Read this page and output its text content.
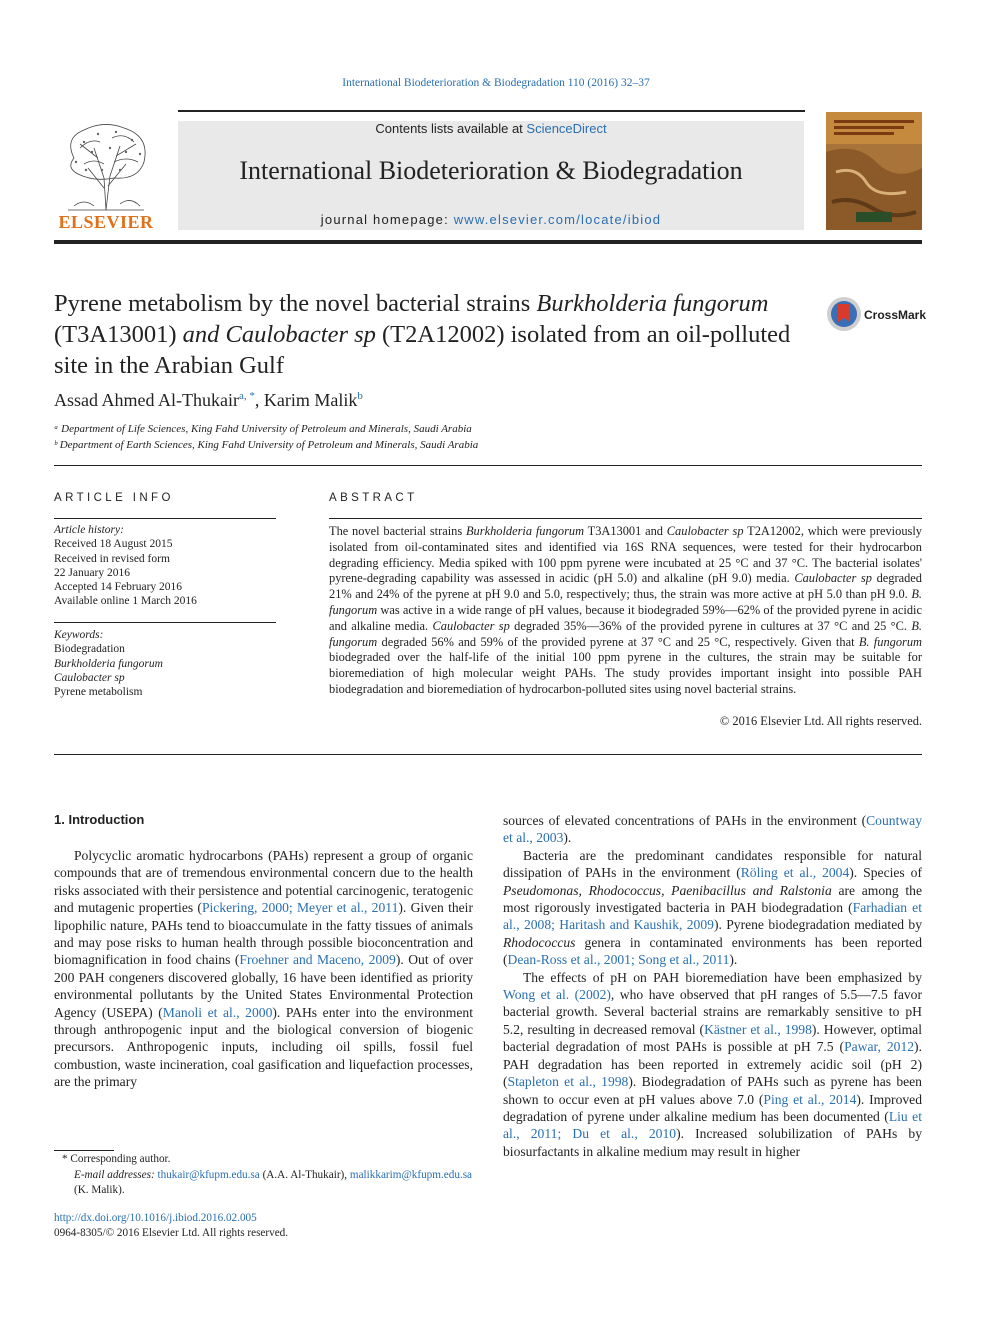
International Biodeterioration & Biodegradation 110 (2016) 32–37
ELSEVIER
Contents lists available at ScienceDirect
International Biodeterioration & Biodegradation
journal homepage: www.elsevier.com/locate/ibiod
Pyrene metabolism by the novel bacterial strains Burkholderia fungorum (T3A13001) and Caulobacter sp (T2A12002) isolated from an oil-polluted site in the Arabian Gulf
CrossMark
Assad Ahmed Al-Thukair$^{a, *}$, Karim Malik$^b$
ᵃ Department of Life Sciences, King Fahd University of Petroleum and Minerals, Saudi Arabia
ᵇ Department of Earth Sciences, King Fahd University of Petroleum and Minerals, Saudi Arabia
ARTICLE INFO
Article history:
Received 18 August 2015
Received in revised form
22 January 2016
Accepted 14 February 2016
Available online 1 March 2016
Keywords:
Biodegradation
Burkholderia fungorum
Caulobacter sp
Pyrene metabolism
ABSTRACT
The novel bacterial strains Burkholderia fungorum T3A13001 and Caulobacter sp T2A12002, which were previously isolated from oil-contaminated sites and identified via 16S RNA sequences, were tested for their hydrocarbon degrading efficiency. Media spiked with 100 ppm pyrene were incubated at 25 °C and 37 °C. The bacterial isolates' pyrene-degrading capability was assessed in acidic (pH 5.0) and alkaline (pH 9.0) media. Caulobacter sp degraded 21% and 24% of the pyrene at pH 9.0 and 5.0, respectively; thus, the strain was more active at pH 5.0 than pH 9.0. B. fungorum was active in a wide range of pH values, because it biodegraded 59%—62% of the provided pyrene in acidic and alkaline media. Caulobacter sp degraded 35%—36% of the provided pyrene in cultures at 37 °C and 25 °C. B. fungorum degraded 56% and 59% of the provided pyrene at 37 °C and 25 °C, respectively. Given that B. fungorum biodegraded over the half-life of the initial 100 ppm pyrene in the cultures, the strain may be suitable for bioremediation of high molecular weight PAHs. The study provides important insight into possible PAH biodegradation and bioremediation of hydrocarbon-polluted sites using novel bacterial strains.
© 2016 Elsevier Ltd. All rights reserved.
1. Introduction

Polycyclic aromatic hydrocarbons (PAHs) represent a group of organic compounds that are of tremendous environmental concern due to the health risks associated with their persistence and potential carcinogenic, teratogenic and mutagenic properties (Pickering, 2000; Meyer et al., 2011). Given their lipophilic nature, PAHs tend to bioaccumulate in the fatty tissues of animals and may pose risks to human health through possible bioconcentration and biomagnification in food chains (Froehner and Maceno, 2009). Out of over 200 PAH congeners discovered globally, 16 have been identified as priority environmental pollutants by the United States Environmental Protection Agency (USEPA) (Manoli et al., 2000). PAHs enter into the environment through anthropogenic input and the biological conversion of biogenic precursors. Anthropogenic inputs, including oil spills, fossil fuel combustion, waste incineration, coal gasification and liquefaction processes, are the primary

sources of elevated concentrations of PAHs in the environment (Countway et al., 2003).

Bacteria are the predominant candidates responsible for natural dissipation of PAHs in the environment (Röling et al., 2004). Species of Pseudomonas, Rhodococcus, Paenibacillus and Ralstonia are among the most rigorously investigated bacteria in PAH biodegradation (Farhadian et al., 2008; Haritash and Kaushik, 2009). Pyrene biodegradation mediated by Rhodococcus genera in contaminated environments has been reported (Dean-Ross et al., 2001; Song et al., 2011).

The effects of pH on PAH bioremediation have been emphasized by Wong et al. (2002), who have observed that pH ranges of 5.5—7.5 favor bacterial growth. Several bacterial strains are remarkably sensitive to pH 5.2, resulting in decreased removal (Kästner et al., 1998). However, optimal bacterial degradation of most PAHs is possible at pH 7.5 (Pawar, 2012). PAH degradation has been reported in extremely acidic soil (pH 2) (Stapleton et al., 1998). Biodegradation of PAHs such as pyrene has been shown to occur even at pH values above 7.0 (Ping et al., 2014). Improved degradation of pyrene under alkaline medium has been documented (Liu et al., 2011; Du et al., 2010). Increased solubilization of PAHs by biosurfactants in alkaline medium may result in higher

* Corresponding author.
E-mail addresses: thukair@kfupm.edu.sa (A.A. Al-Thukair), malikkarim@kfupm.edu.sa (K. Malik).
http://dx.doi.org/10.1016/j.ibiod.2016.02.005
0964-8305/© 2016 Elsevier Ltd. All rights reserved.
